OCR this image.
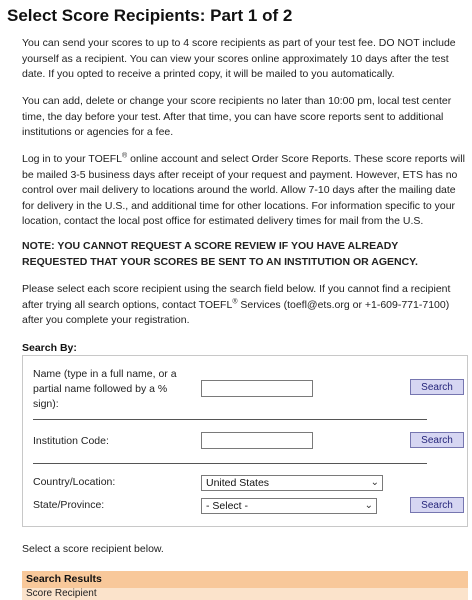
Select Score Recipients: Part 1 of 2

You can send your scores to up to 4 score recipients as part of your test fee. DO NOT include yourself as a recipient. You can view your scores online approximately 10 days after the test date. If you opted to receive a printed copy, it will be mailed to you automatically.

You can add, delete or change your score recipients no later than 10:00 pm, local test center time, the day before your test. After that time, you can have score reports sent to additional institutions or agencies for a fee.

Log in to your TOEFL® online account and select Order Score Reports. These score reports will be mailed 3-5 business days after receipt of your request and payment. However, ETS has no control over mail delivery to locations around the world. Allow 7-10 days after the mailing date for delivery in the U.S., and additional time for other locations. For information specific to your location, contact the local post office for estimated delivery times for mail from the U.S.

NOTE: YOU CANNOT REQUEST A SCORE REVIEW IF YOU HAVE ALREADY REQUESTED THAT YOUR SCORES BE SENT TO AN INSTITUTION OR AGENCY.

Please select each score recipient using the search field below. If you cannot find a recipient after trying all search options, contact TOEFL® Services (toefl@ets.org or +1-609-771-7100) after you complete your registration.

Search By:

Name (type in a full name, or a partial name followed by a % sign):

Search

Institution Code:	Search

Country/Location:	United States	⌄

State/Province:	- Select -	⌄	Search

Select a score recipient below.

Search Results
Score Recipient
